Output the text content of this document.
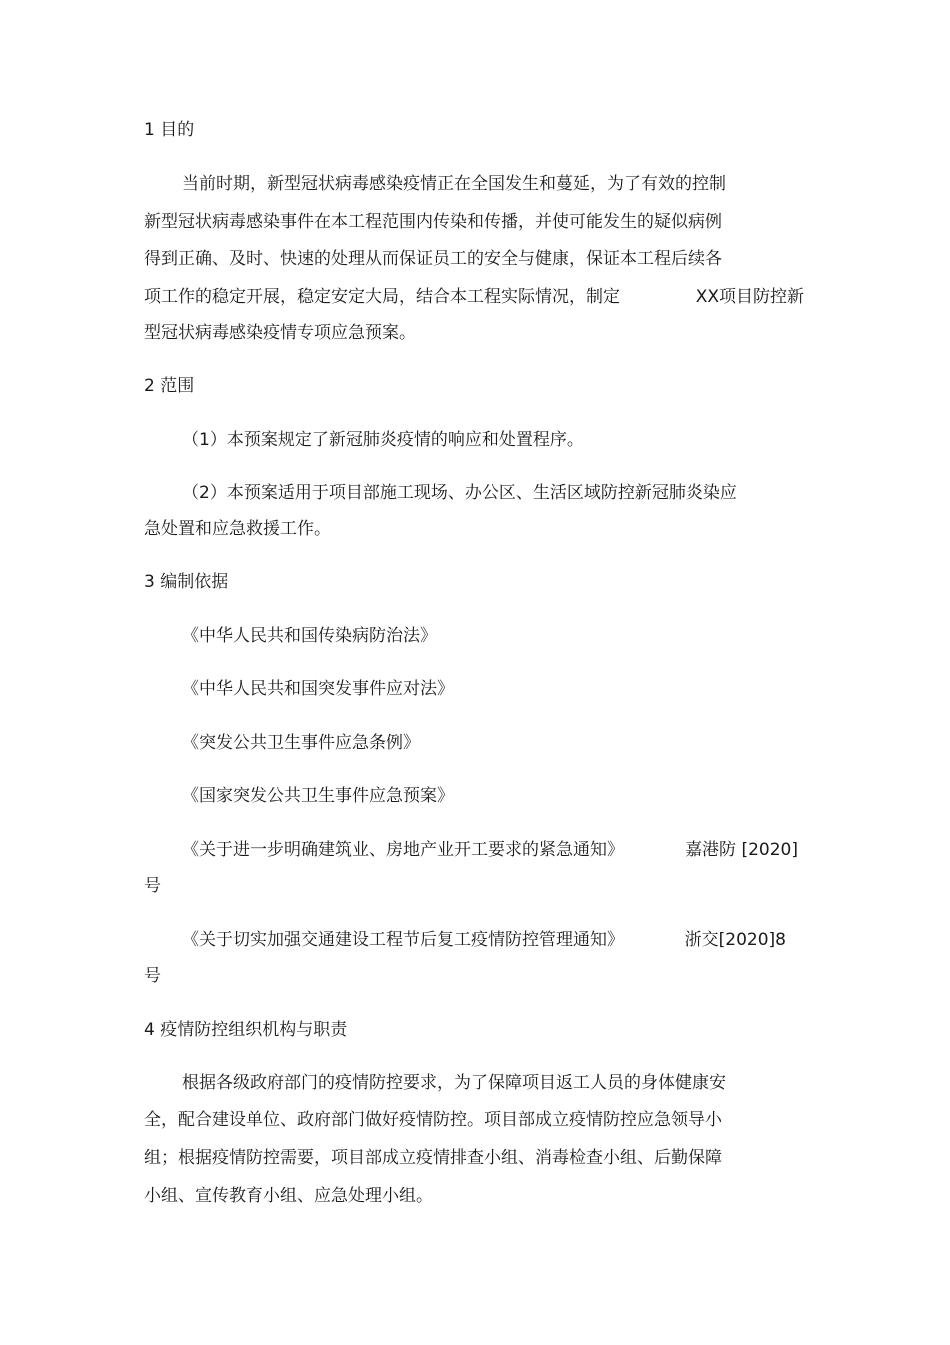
1 目的
当前时期，新型冠状病毒感染疫情正在全国发生和蔓延，为了有效的控制
新型冠状病毒感染事件在本工程范围内传染和传播，并使可能发生的疑似病例
得到正确、及时、快速的处理从而保证员工的安全与健康，保证本工程后续各
项工作的稳定开展，稳定安定大局，结合本工程实际情况，制定	XX项目防控新
型冠状病毒感染疫情专项应急预案。
2 范围
（1）本预案规定了新冠肺炎疫情的响应和处置程序。
（2）本预案适用于项目部施工现场、办公区、生活区域防控新冠肺炎染应
急处置和应急救援工作。
3 编制依据
《中华人民共和国传染病防治法》
《中华人民共和国突发事件应对法》
《突发公共卫生事件应急条例》
《国家突发公共卫生事件应急预案》
《关于进一步明确建筑业、房地产业开工要求的紧急通知》	嘉港防 [2020]
号
《关于切实加强交通建设工程节后复工疫情防控管理通知》	浙交[2020]8
号
4 疫情防控组织机构与职责
根据各级政府部门的疫情防控要求，为了保障项目返工人员的身体健康安
全，配合建设单位、政府部门做好疫情防控。项目部成立疫情防控应急领导小
组；根据疫情防控需要，项目部成立疫情排查小组、消毒检查小组、后勤保障
小组、宣传教育小组、应急处理小组。
